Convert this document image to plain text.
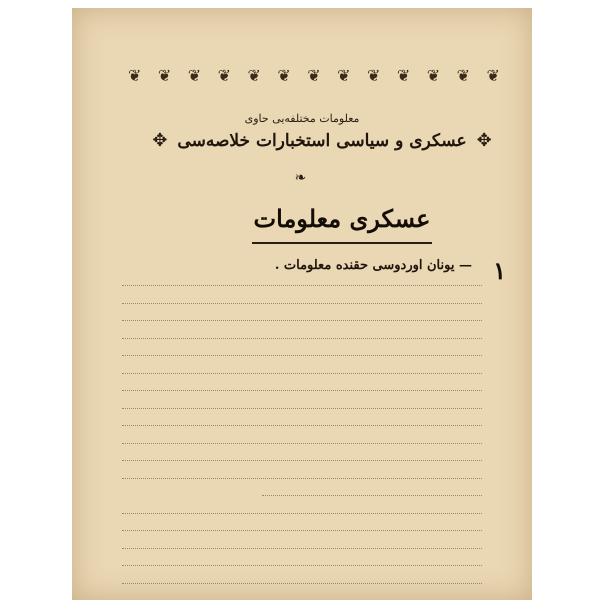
❦ ❦ ❦ ❦ ❦ ❦ ❦ ❦ ❦ ❦ ❦ ❦ ❦
معلومات مختلفه‌یی حاوی
✥
عسکری و سیاسی استخبارات خلاصه‌سی
✥
❧
عسکری معلومات
١
— یونان اوردوسی حقنده معلومات .
